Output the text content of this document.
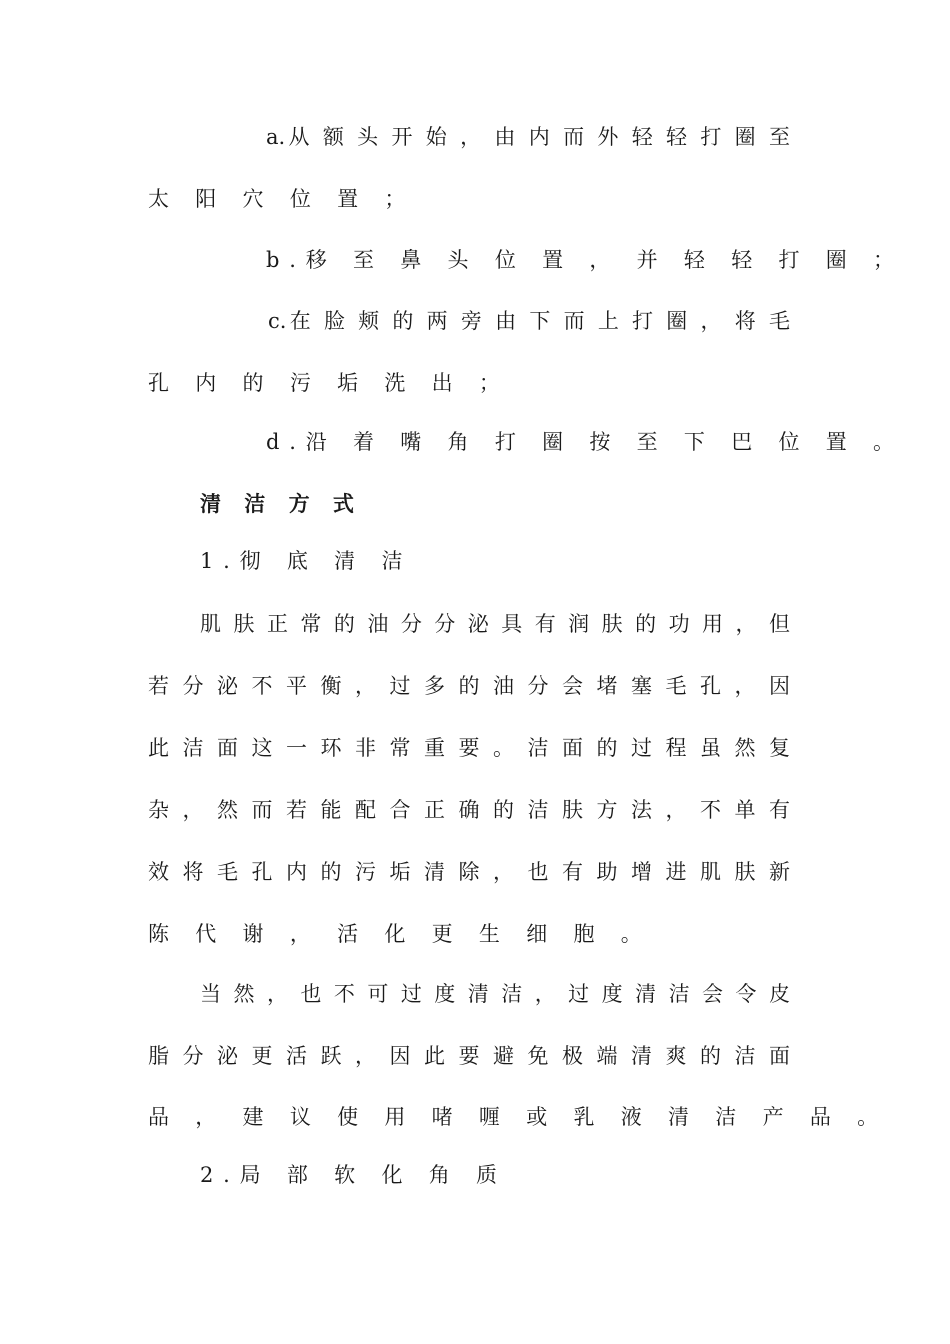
a.从 额 头 开 始 ， 由 内 而 外 轻 轻 打 圈 至
太 阳 穴 位 置 ；
b.移 至 鼻 头 位 置 ， 并 轻 轻 打 圈 ；
c.在 脸 颊 的 两 旁 由 下 而 上 打 圈 ， 将 毛
孔 内 的 污 垢 洗 出 ；
d.沿 着 嘴 角 打 圈 按 至 下 巴 位 置 。
清 洁 方 式
1.彻 底 清 洁
肌 肤 正 常 的 油 分 分 泌 具 有 润 肤 的 功 用 ， 但
若 分 泌 不 平 衡 ， 过 多 的 油 分 会 堵 塞 毛 孔 ， 因
此 洁 面 这 一 环 非 常 重 要 。 洁 面 的 过 程 虽 然 复
杂 ， 然 而 若 能 配 合 正 确 的 洁 肤 方 法 ， 不 单 有
效 将 毛 孔 内 的 污 垢 清 除 ， 也 有 助 增 进 肌 肤 新
陈 代 谢 ， 活 化 更 生 细 胞 。
当 然 ， 也 不 可 过 度 清 洁 ， 过 度 清 洁 会 令 皮
脂 分 泌 更 活 跃 ， 因 此 要 避 免 极 端 清 爽 的 洁 面
品 ， 建 议 使 用 啫 喱 或 乳 液 清 洁 产 品 。
2.局 部 软 化 角 质
